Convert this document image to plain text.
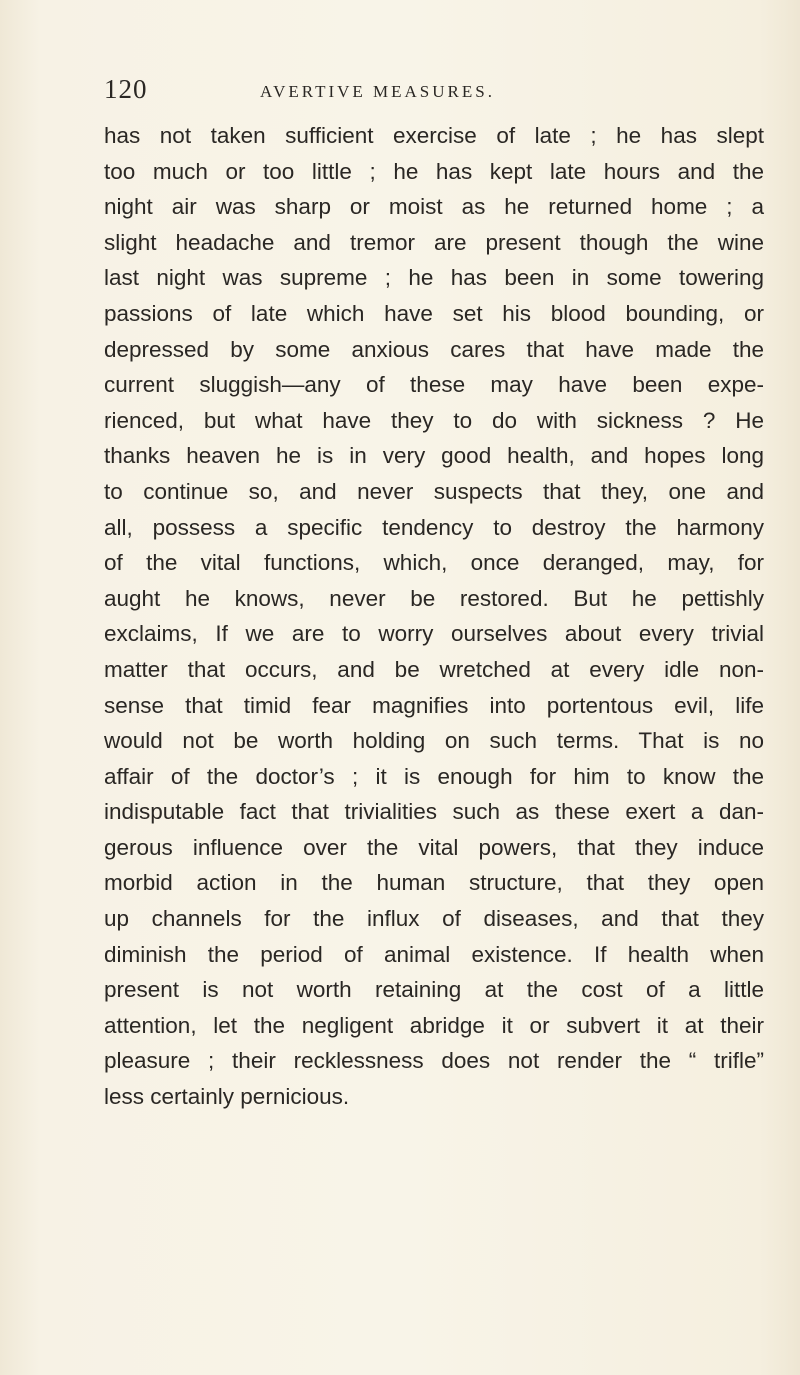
120	AVERTIVE MEASURES.
has not taken sufficient exercise of late ; he has slept
too much or too little ; he has kept late hours and the
night air was sharp or moist as he returned home ; a
slight headache and tremor are present though the wine
last night was supreme ; he has been in some towering
passions of late which have set his blood bounding, or
depressed by some anxious cares that have made the
current sluggish—any of these may have been expe-
rienced, but what have they to do with sickness ? He
thanks heaven he is in very good health, and hopes long
to continue so, and never suspects that they, one and
all, possess a specific tendency to destroy the harmony
of the vital functions, which, once deranged, may, for
aught he knows, never be restored. But he pettishly
exclaims, If we are to worry ourselves about every trivial
matter that occurs, and be wretched at every idle non-
sense that timid fear magnifies into portentous evil, life
would not be worth holding on such terms. That is no
affair of the doctor’s ; it is enough for him to know the
indisputable fact that trivialities such as these exert a dan-
gerous influence over the vital powers, that they induce
morbid action in the human structure, that they open
up channels for the influx of diseases, and that they
diminish the period of animal existence. If health when
present is not worth retaining at the cost of a little
attention, let the negligent abridge it or subvert it at their
pleasure ; their recklessness does not render the “ trifle”
less certainly pernicious.
